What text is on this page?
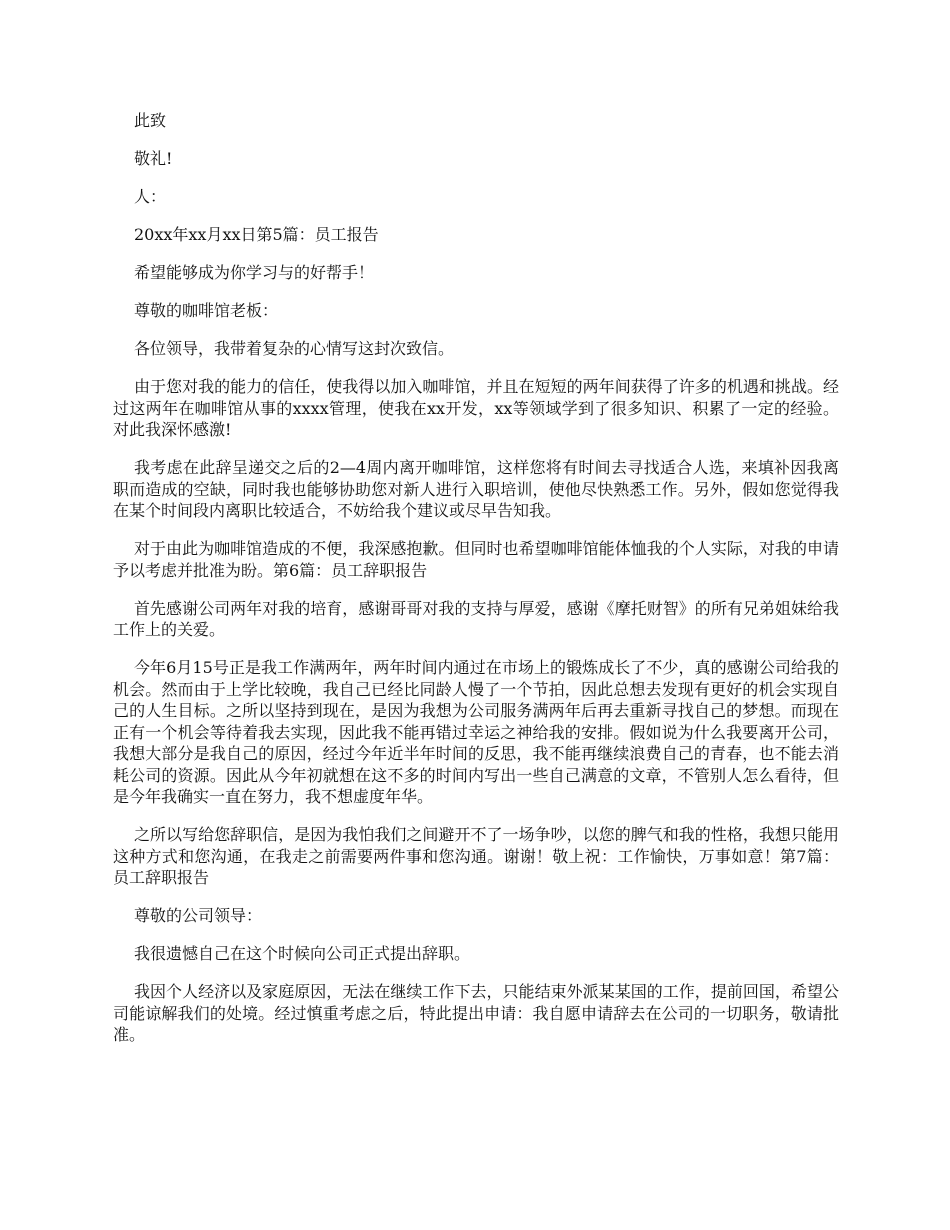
此致

敬礼!

人：

20xx年xx月xx日第5篇：员工报告

希望能够成为你学习与的好帮手！

尊敬的咖啡馆老板：

各位领导，我带着复杂的心情写这封次致信。

由于您对我的能力的信任，使我得以加入咖啡馆，并且在短短的两年间获得了许多的机遇和挑战。经过这两年在咖啡馆从事的xxxx管理，使我在xx开发，xx等领域学到了很多知识、积累了一定的经验。对此我深怀感激!

我考虑在此辞呈递交之后的2—4周内离开咖啡馆，这样您将有时间去寻找适合人选，来填补因我离职而造成的空缺，同时我也能够协助您对新人进行入职培训，使他尽快熟悉工作。另外，假如您觉得我在某个时间段内离职比较适合，不妨给我个建议或尽早告知我。

对于由此为咖啡馆造成的不便，我深感抱歉。但同时也希望咖啡馆能体恤我的个人实际，对我的申请予以考虑并批准为盼。第6篇：员工辞职报告

首先感谢公司两年对我的培育，感谢哥哥对我的支持与厚爱，感谢《摩托财智》的所有兄弟姐妹给我工作上的关爱。

今年6月15号正是我工作满两年，两年时间内通过在市场上的锻炼成长了不少，真的感谢公司给我的机会。然而由于上学比较晚，我自己已经比同龄人慢了一个节拍，因此总想去发现有更好的机会实现自己的人生目标。之所以坚持到现在，是因为我想为公司服务满两年后再去重新寻找自己的梦想。而现在正有一个机会等待着我去实现，因此我不能再错过幸运之神给我的安排。假如说为什么我要离开公司，我想大部分是我自己的原因，经过今年近半年时间的反思，我不能再继续浪费自己的青春，也不能去消耗公司的资源。因此从今年初就想在这不多的时间内写出一些自己满意的文章，不管别人怎么看待，但是今年我确实一直在努力，我不想虚度年华。

之所以写给您辞职信，是因为我怕我们之间避开不了一场争吵，以您的脾气和我的性格，我想只能用这种方式和您沟通，在我走之前需要两件事和您沟通。谢谢！敬上祝：工作愉快，万事如意！第7篇：员工辞职报告

尊敬的公司领导：

我很遗憾自己在这个时候向公司正式提出辞职。

我因个人经济以及家庭原因，无法在继续工作下去，只能结束外派某某国的工作，提前回国，希望公司能谅解我们的处境。经过慎重考虑之后，特此提出申请：我自愿申请辞去在公司的一切职务，敬请批准。
